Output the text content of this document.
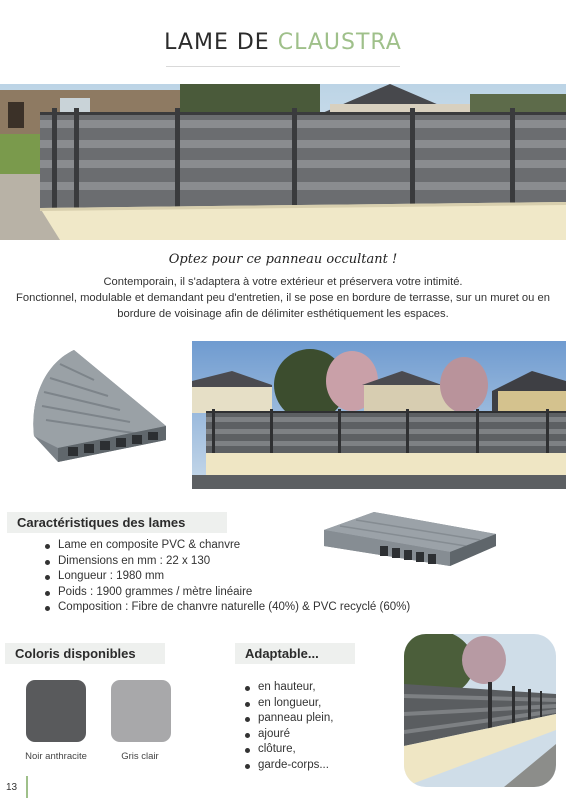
LAME DE CLAUSTRA
Optez pour ce panneau occultant !
Contemporain, il s'adaptera à votre extérieur et préservera votre intimité.
Fonctionnel, modulable et demandant peu d'entretien, il se pose en bordure de terrasse, sur un muret ou en bordure de voisinage afin de délimiter esthétiquement les espaces.
Caractéristiques des lames
Lame en composite PVC & chanvre
Dimensions en mm : 22 x 130
Longueur : 1980 mm
Poids : 1900 grammes / mètre linéaire
Composition : Fibre de chanvre naturelle (40%) & PVC recyclé (60%)
Coloris disponibles
Noir anthracite	Gris clair
Adaptable...
en hauteur,
en longueur,
panneau plein,
ajouré
clôture,
garde-corps...
13
